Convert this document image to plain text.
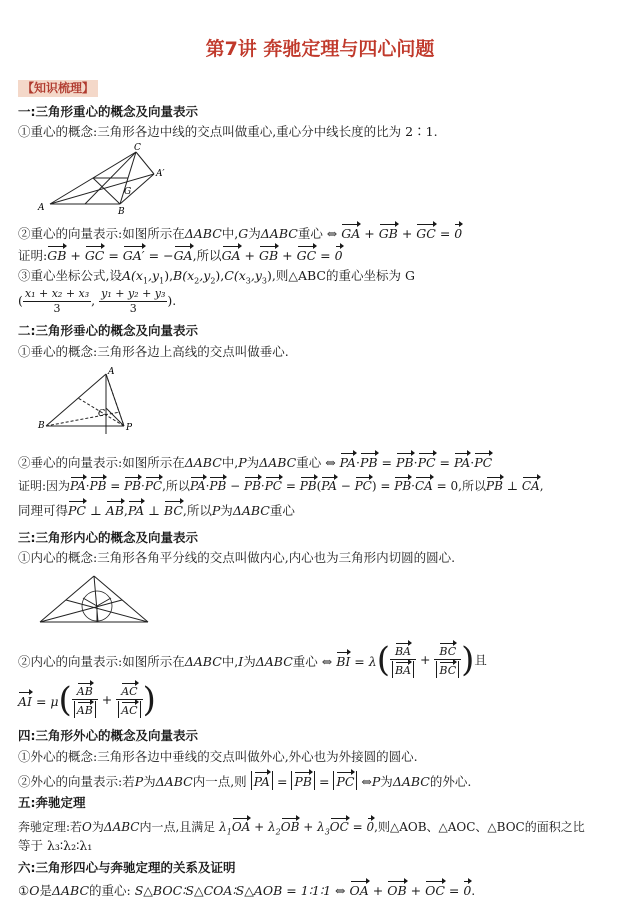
第7讲 奔驰定理与四心问题
【知识梳理】
一:三角形重心的概念及向量表示
①重心的概念:三角形各边中线的交点叫做重心,重心分中线长度的比为 2∶1.
A	B
C
G
A′
②重心的向量表示:如图所示在ΔABC中,G为ΔABC重心 ⇔ GA + GB + GC = 0
证明:GB + GC = GA′ = −GA,所以GA + GB + GC = 0
③重心坐标公式,设$A(x_1,y_1),B(x_2,y_2),C(x_3,y_3)$,则△ABC的重心坐标为 G
( $\frac{\text{x₁ + x₂ + x₃}}{3}$ , $\frac{\text{y₁ + y₂ + y₃}}{3}$ ).
二:三角形垂心的概念及向量表示
①垂心的概念:三角形各边上高线的交点叫做垂心.
A
B
C
P
②垂心的向量表示:如图所示在ΔABC中,P为ΔABC重心 ⇔ PA·PB = PB·PC = PA·PC
证明:因为PA·PB = PB·PC,所以PA·PB − PB·PC = PB(PA − PC) = PB·CA = 0,所以PB ⊥ CA,
同理可得PC ⊥ AB,PA ⊥ BC,所以P为ΔABC重心
三:三角形内心的概念及向量表示
①内心的概念:三角形各角平分线的交点叫做内心,内心也为三角形内切圆的圆心.
②内心的向量表示:如图所示在ΔABC中,I为ΔABC重心 ⇔ BI = $\lambda( \frac{BA}{BA} + \frac{BC}{BC}$ )且
AI = $\mu( \frac{AB}{AB} + \frac{AC}{AC}$ )
四:三角形外心的概念及向量表示
①外心的概念:三角形各边中垂线的交点叫做外心,外心也为外接圆的圆心.
②外心的向量表示:若P为ΔABC内一点,则 PA = PB = PC ⇔P为ΔABC的外心.
五:奔驰定理
奔驰定理:若O为ΔABC内一点,且满足 $\lambda_1OA + \lambda_2OB + \lambda_3OC = 0$,则△AOB、△AOC、△BOC的面积之比
等于 λ₃∶λ₂∶λ₁
六:三角形四心与奔驰定理的关系及证明
①O是ΔABC的重心: S△BOC∶S△COA∶S△AOB = 1∶1∶1 ⇔ OA + OB + OC = 0.
